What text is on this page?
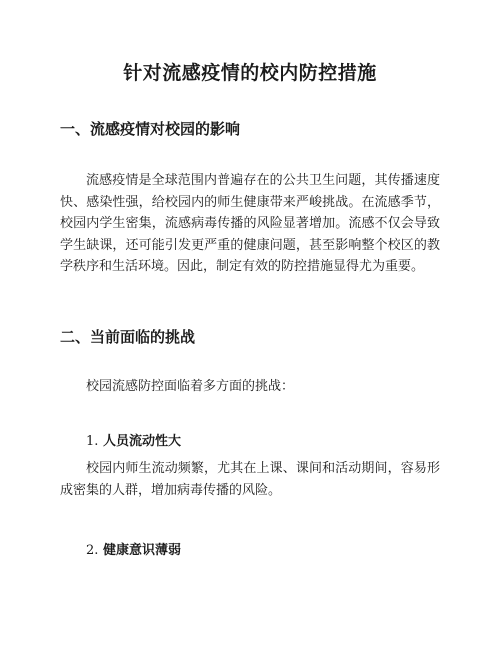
针对流感疫情的校内防控措施
一、流感疫情对校园的影响

流感疫情是全球范围内普遍存在的公共卫生问题，其传播速度快、感染性强，给校园内的师生健康带来严峻挑战。在流感季节，校园内学生密集，流感病毒传播的风险显著增加。流感不仅会导致学生缺课，还可能引发更严重的健康问题，甚至影响整个校区的教学秩序和生活环境。因此，制定有效的防控措施显得尤为重要。

二、当前面临的挑战

校园流感防控面临着多方面的挑战：

1. 人员流动性大

校园内师生流动频繁，尤其在上课、课间和活动期间，容易形成密集的人群，增加病毒传播的风险。

2. 健康意识薄弱
